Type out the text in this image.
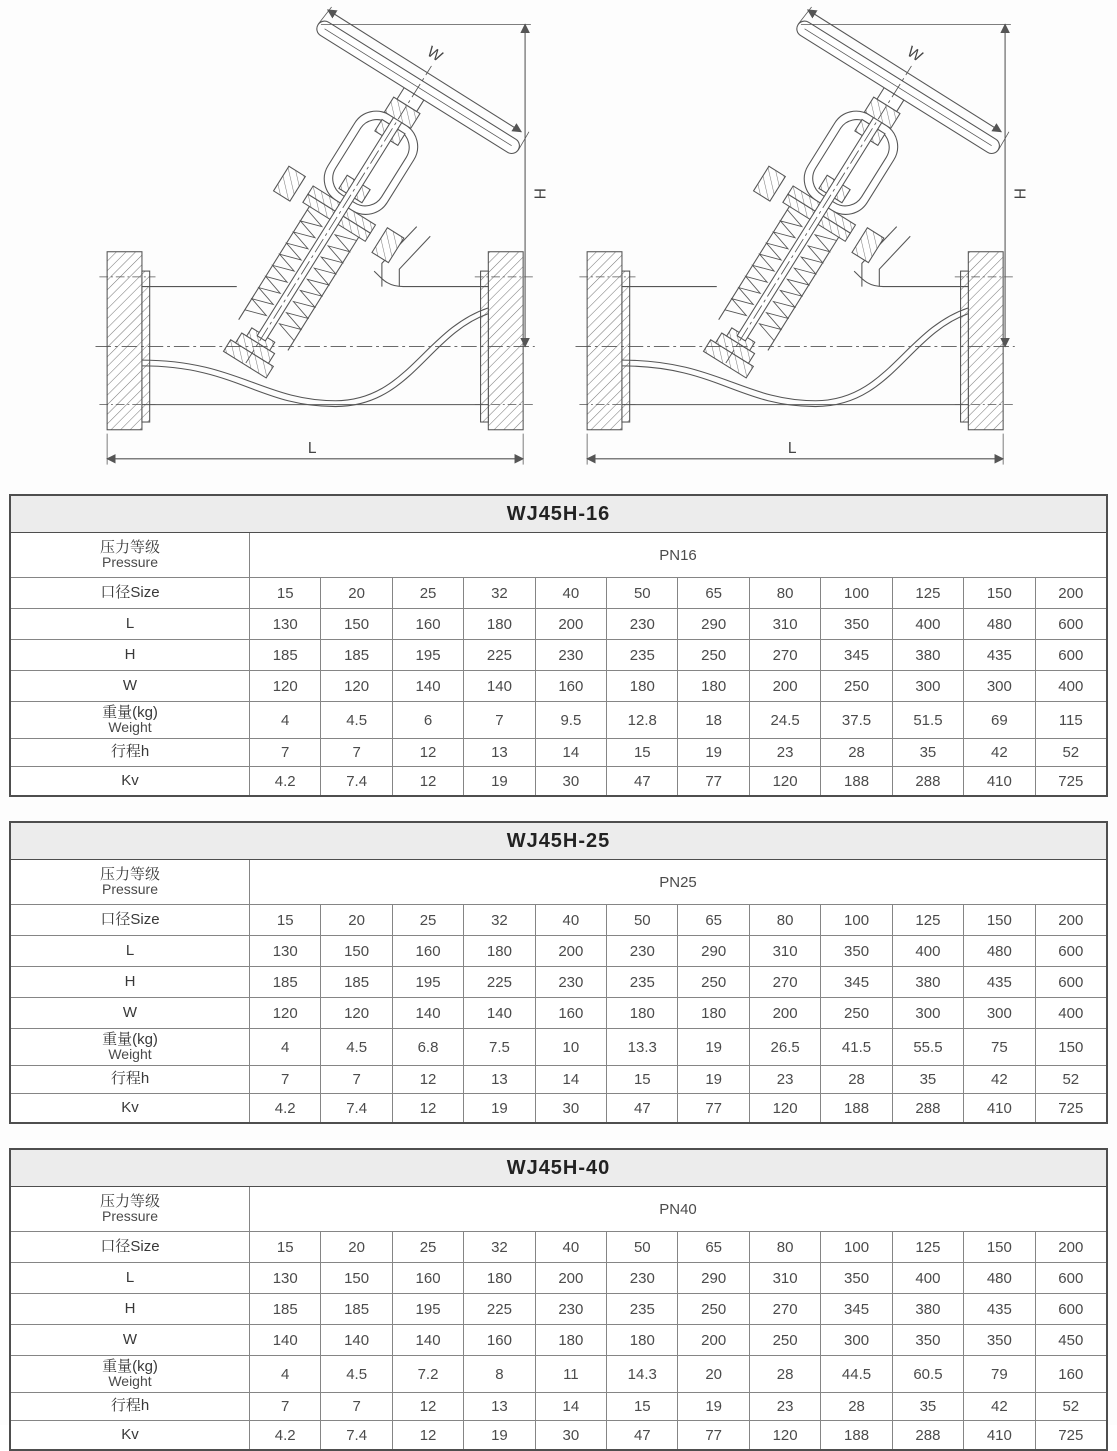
W
H
L
W
H
L
WJ45H-16
压力等级
Pressure	PN16
口径Size	15	20	25	32	40	50	65	80	100	125	150	200
L	130	150	160	180	200	230	290	310	350	400	480	600
H	185	185	195	225	230	235	250	270	345	380	435	600
W	120	120	140	140	160	180	180	200	250	300	300	400
重量(kg)
Weight	4	4.5	6	7	9.5	12.8	18	24.5	37.5	51.5	69	115
行程h	7	7	12	13	14	15	19	23	28	35	42	52
Kv	4.2	7.4	12	19	30	47	77	120	188	288	410	725
WJ45H-25
压力等级
Pressure	PN25
口径Size	15	20	25	32	40	50	65	80	100	125	150	200
L	130	150	160	180	200	230	290	310	350	400	480	600
H	185	185	195	225	230	235	250	270	345	380	435	600
W	120	120	140	140	160	180	180	200	250	300	300	400
重量(kg)
Weight	4	4.5	6.8	7.5	10	13.3	19	26.5	41.5	55.5	75	150
行程h	7	7	12	13	14	15	19	23	28	35	42	52
Kv	4.2	7.4	12	19	30	47	77	120	188	288	410	725
WJ45H-40
压力等级
Pressure	PN40
口径Size	15	20	25	32	40	50	65	80	100	125	150	200
L	130	150	160	180	200	230	290	310	350	400	480	600
H	185	185	195	225	230	235	250	270	345	380	435	600
W	140	140	140	160	180	180	200	250	300	350	350	450
重量(kg)
Weight	4	4.5	7.2	8	11	14.3	20	28	44.5	60.5	79	160
行程h	7	7	12	13	14	15	19	23	28	35	42	52
Kv	4.2	7.4	12	19	30	47	77	120	188	288	410	725
